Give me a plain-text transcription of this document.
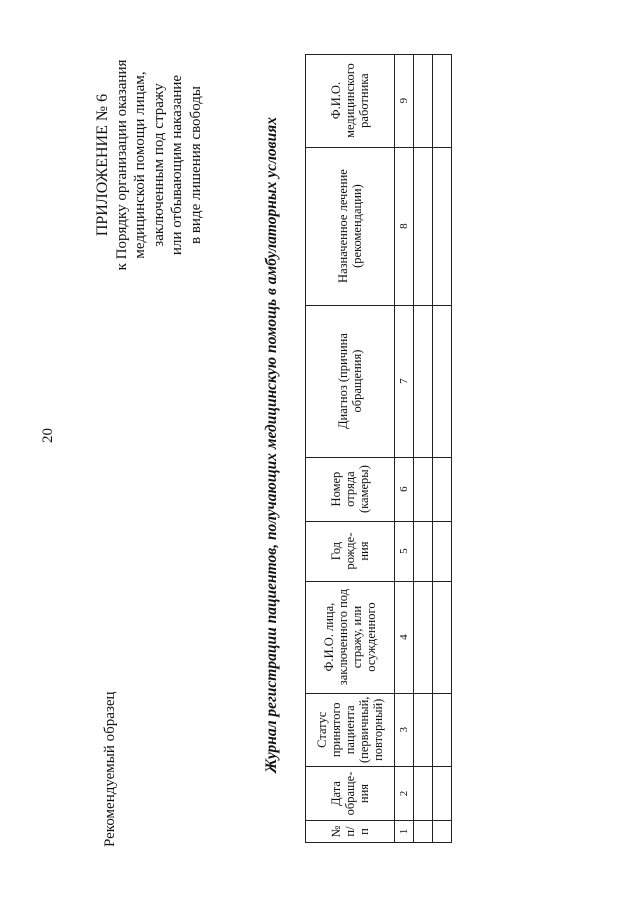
20
Рекомендуемый образец
ПРИЛОЖЕНИЕ № 6 к Порядку организации оказания медицинской помощи лицам, заключенным под стражу или отбывающим наказание в виде лишения свободы	Журнал регистрации пациентов, получающих медицинскую помощь в амбулаторных условиях
№ п/п	Дата обраще-ния	Статус принятого пациента (первичный, повторный)	Ф.И.О. лица, заключенного под стражу, или осужденного	Год рожде-ния	Номер отряда (камеры)	Диагноз (причина обращения)	Назначенное лечение (рекомендации)	Ф.И.О. медицинского работника
1	2	3	4	5	6	7	8	9
